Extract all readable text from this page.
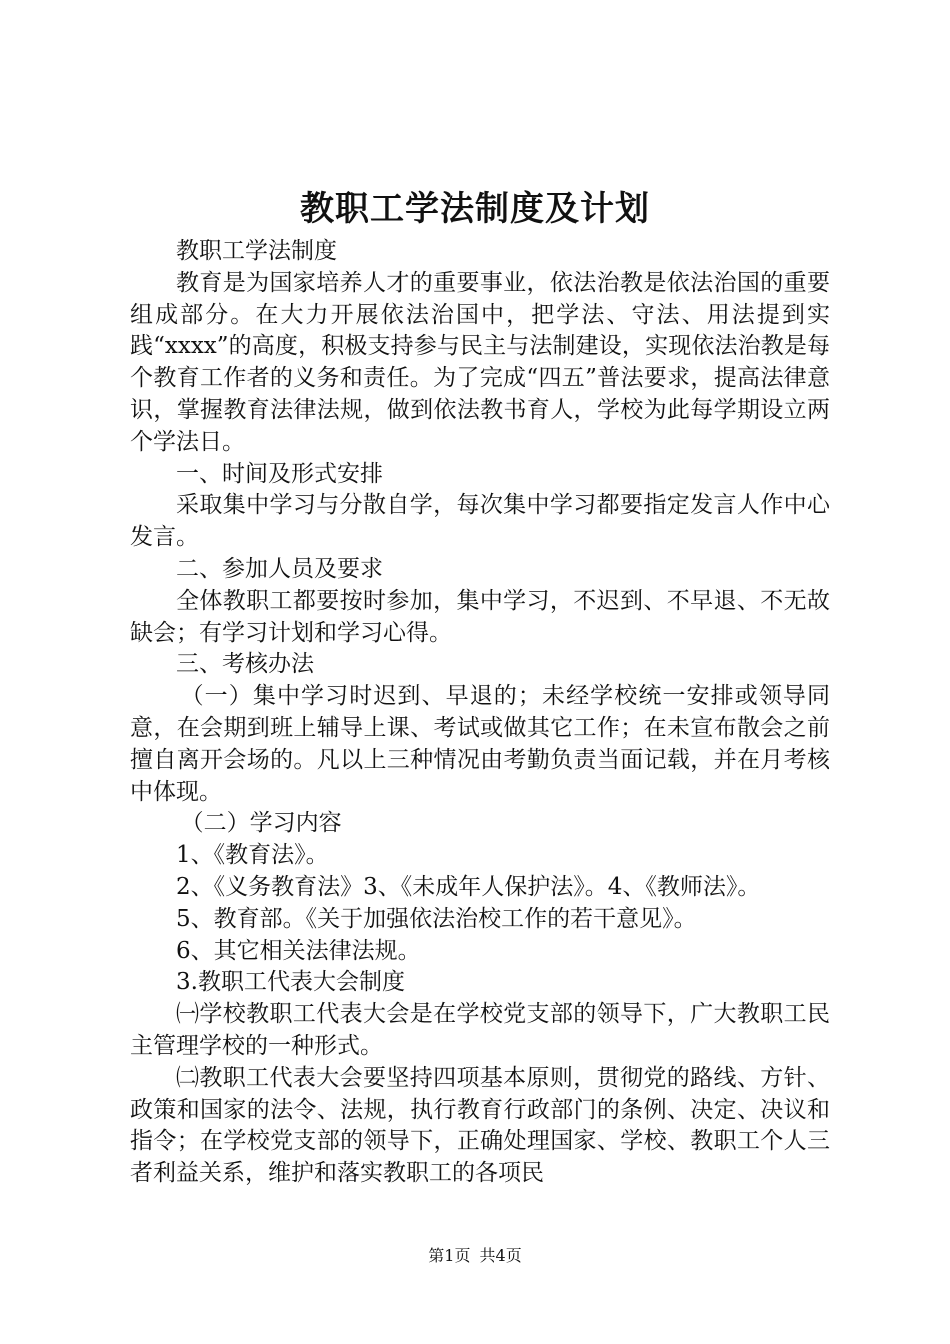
教职工学法制度及计划

教职工学法制度

教育是为国家培养人才的重要事业，依法治教是依法治国的重要组成部分。在大力开展依法治国中，把学法、守法、用法提到实践“xxxx”的高度，积极支持参与民主与法制建设，实现依法治教是每个教育工作者的义务和责任。为了完成“四五”普法要求，提高法律意识，掌握教育法律法规，做到依法教书育人，学校为此每学期设立两个学法日。

一、时间及形式安排

采取集中学习与分散自学，每次集中学习都要指定发言人作中心发言。

二、参加人员及要求

全体教职工都要按时参加，集中学习，不迟到、不早退、不无故缺会；有学习计划和学习心得。

三、考核办法

（一）集中学习时迟到、早退的；未经学校统一安排或领导同意，在会期到班上辅导上课、考试或做其它工作；在未宣布散会之前擅自离开会场的。凡以上三种情况由考勤负责当面记载，并在月考核中体现。

（二）学习内容

1、《教育法》。

2、《义务教育法》3、《未成年人保护法》。4、《教师法》。

5、教育部。《关于加强依法治校工作的若干意见》。

6、其它相关法律法规。

3.教职工代表大会制度

㈠学校教职工代表大会是在学校党支部的领导下，广大教职工民主管理学校的一种形式。

㈡教职工代表大会要坚持四项基本原则，贯彻党的路线、方针、政策和国家的法令、法规，执行教育行政部门的条例、决定、决议和指令；在学校党支部的领导下，正确处理国家、学校、教职工个人三者利益关系，维护和落实教职工的各项民

第1页 共4页
